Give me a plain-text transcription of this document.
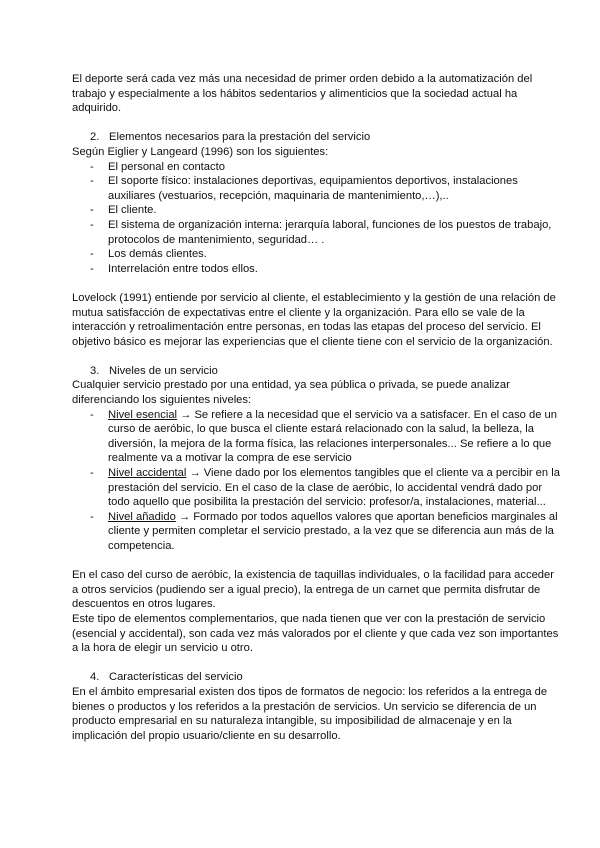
El deporte será cada vez más una necesidad de primer orden debido a la automatización del trabajo y especialmente a los hábitos sedentarios y alimenticios que la sociedad actual ha adquirido.

2. Elementos necesarios para la prestación del servicio

Según Eiglier y Langeard (1996) son los siguientes:

- El personal en contacto
- El soporte físico: instalaciones deportivas, equipamientos deportivos, instalaciones auxiliares (vestuarios, recepción, maquinaria de mantenimiento,…),..
- El cliente.
- El sistema de organización interna: jerarquía laboral, funciones de los puestos de trabajo, protocolos de mantenimiento, seguridad… .
- Los demás clientes.
- Interrelación entre todos ellos.

Lovelock (1991) entiende por servicio al cliente, el establecimiento y la gestión de una relación de mutua satisfacción de expectativas entre el cliente y la organización. Para ello se vale de la interacción y retroalimentación entre personas, en todas las etapas del proceso del servicio. El objetivo básico es mejorar las experiencias que el cliente tiene con el servicio de la organización.

3. Niveles de un servicio

Cualquier servicio prestado por una entidad, ya sea pública o privada, se puede analizar diferenciando los siguientes niveles:

- Nivel esencial → Se refiere a la necesidad que el servicio va a satisfacer. En el caso de un curso de aeróbic, lo que busca el cliente estará relacionado con la salud, la belleza, la diversión, la mejora de la forma física, las relaciones interpersonales... Se refiere a lo que realmente va a motivar la compra de ese servicio
- Nivel accidental → Viene dado por los elementos tangibles que el cliente va a percibir en la prestación del servicio. En el caso de la clase de aeróbic, lo accidental vendrá dado por todo aquello que posibilita la prestación del servicio: profesor/a, instalaciones, material...
- Nivel añadido → Formado por todos aquellos valores que aportan beneficios marginales al cliente y permiten completar el servicio prestado, a la vez que se diferencia aun más de la competencia.

En el caso del curso de aeróbic, la existencia de taquillas individuales, o la facilidad para acceder a otros servicios (pudiendo ser a igual precio), la entrega de un carnet que permita disfrutar de descuentos en otros lugares.

Este tipo de elementos complementarios, que nada tienen que ver con la prestación de servicio (esencial y accidental), son cada vez más valorados por el cliente y que cada vez son importantes a la hora de elegir un servicio u otro.

4. Características del servicio

En el ámbito empresarial existen dos tipos de formatos de negocio: los referidos a la entrega de bienes o productos y los referidos a la prestación de servicios. Un servicio se diferencia de un producto empresarial en su naturaleza intangible, su imposibilidad de almacenaje y en la implicación del propio usuario/cliente en su desarrollo.
